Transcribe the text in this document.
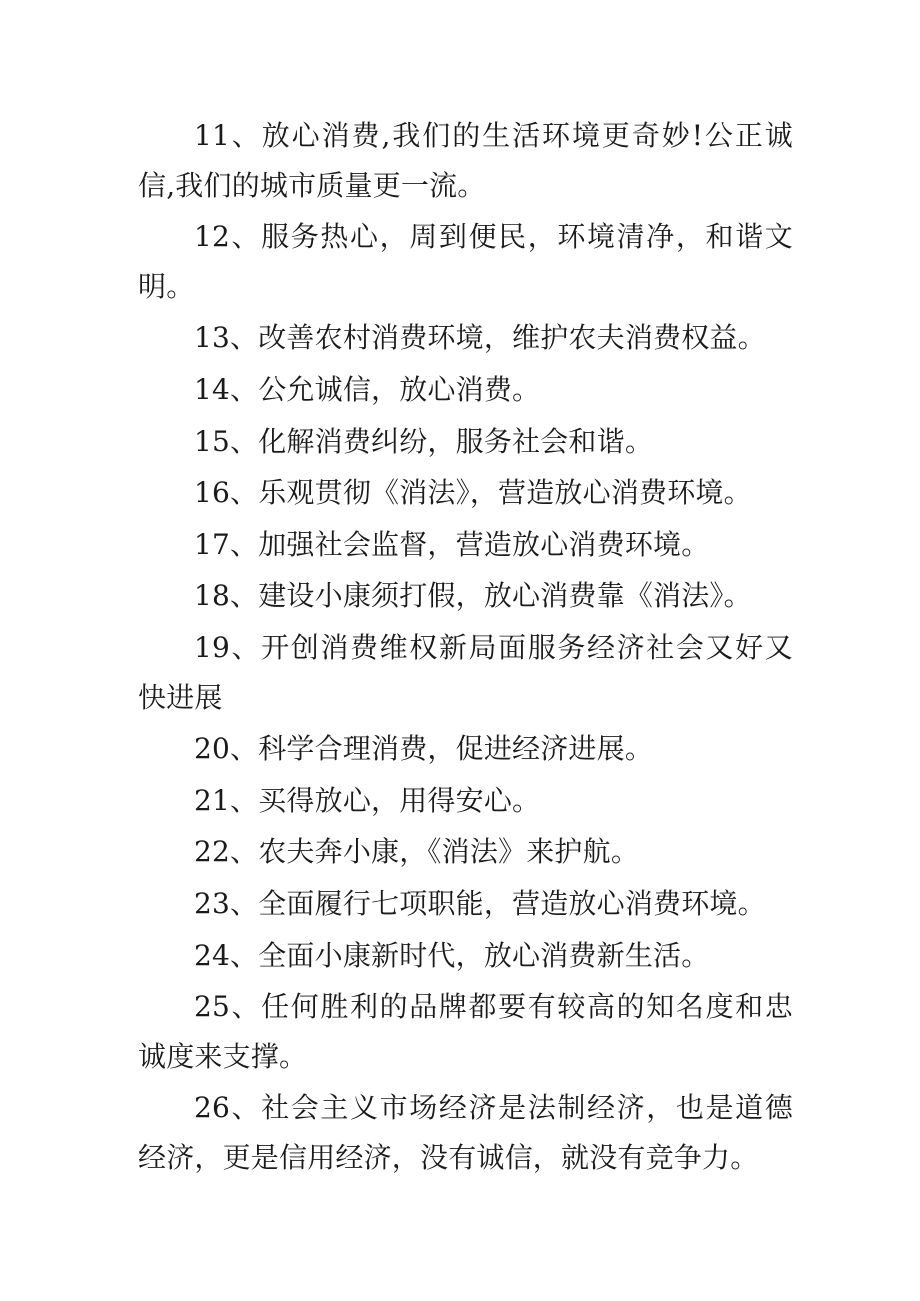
11、放心消费,我们的生活环境更奇妙!公正诚信,我们的城市质量更一流。

12、服务热心，周到便民，环境清净，和谐文明。

13、改善农村消费环境，维护农夫消费权益。

14、公允诚信，放心消费。

15、化解消费纠纷，服务社会和谐。

16、乐观贯彻《消法》，营造放心消费环境。

17、加强社会监督，营造放心消费环境。

18、建设小康须打假，放心消费靠《消法》。

19、开创消费维权新局面服务经济社会又好又快进展

20、科学合理消费，促进经济进展。

21、买得放心，用得安心。

22、农夫奔小康，《消法》来护航。

23、全面履行七项职能，营造放心消费环境。

24、全面小康新时代，放心消费新生活。

25、任何胜利的品牌都要有较高的知名度和忠诚度来支撑。

26、社会主义市场经济是法制经济，也是道德经济，更是信用经济，没有诚信，就没有竞争力。
